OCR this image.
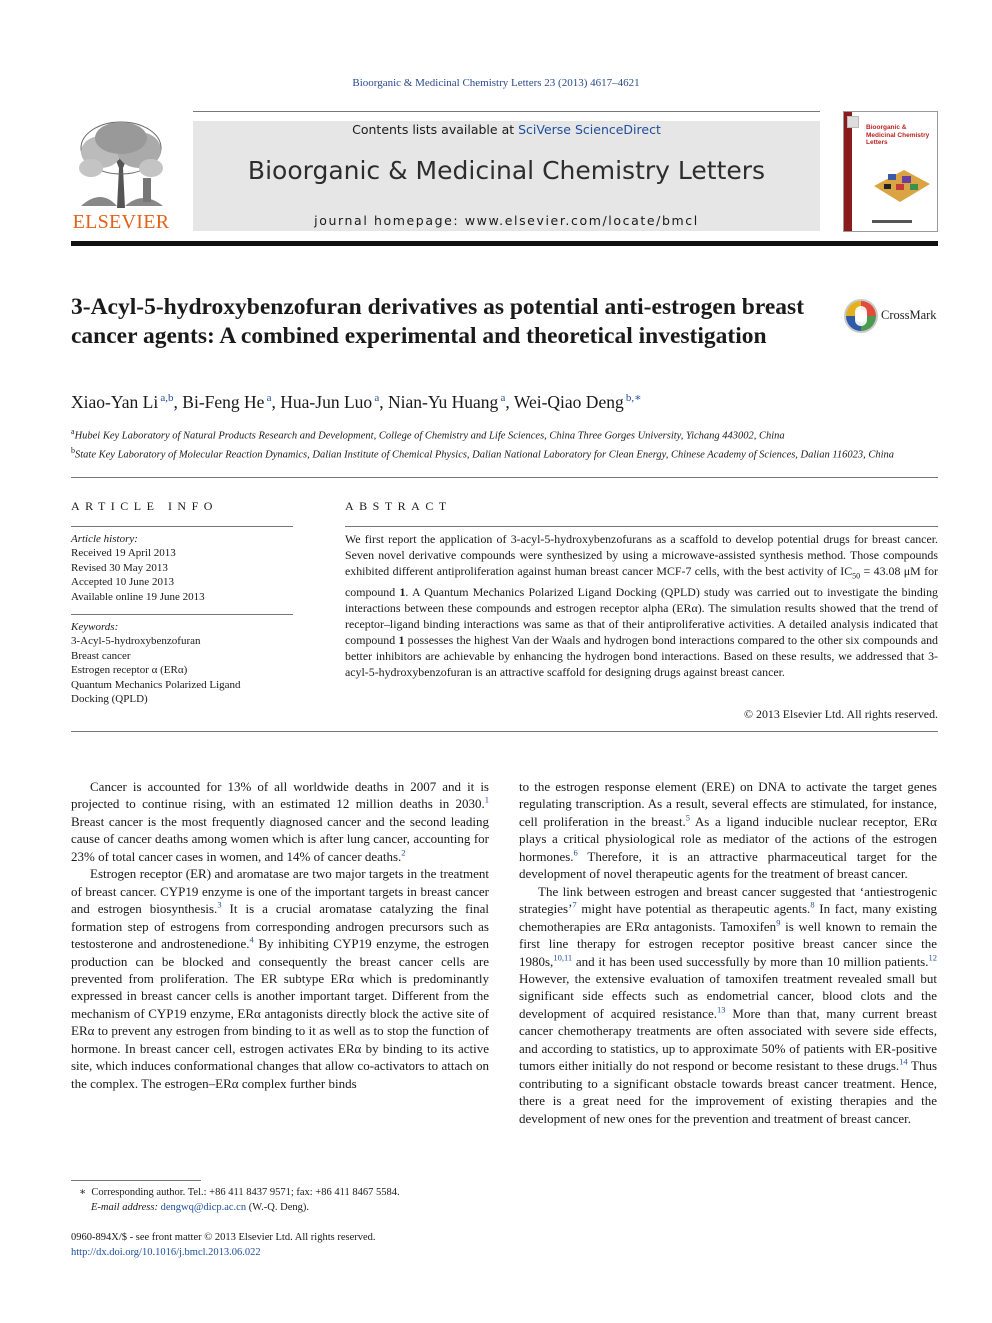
Bioorganic & Medicinal Chemistry Letters 23 (2013) 4617–4621
ELSEVIER
Contents lists available at SciVerse ScienceDirect
Bioorganic & Medicinal Chemistry Letters
journal homepage: www.elsevier.com/locate/bmcl
Bioorganic & Medicinal Chemistry Letters
3-Acyl-5-hydroxybenzofuran derivatives as potential anti-estrogen breast cancer agents: A combined experimental and theoretical investigation
CrossMark
Xiao-Yan Li $^{a,b}$, Bi-Feng He $^a$, Hua-Jun Luo $^a$, Nian-Yu Huang $^a$, Wei-Qiao Deng $^{b,∗}$
$^a$Hubei Key Laboratory of Natural Products Research and Development, College of Chemistry and Life Sciences, China Three Gorges University, Yichang 443002, China
$^b$State Key Laboratory of Molecular Reaction Dynamics, Dalian Institute of Chemical Physics, Dalian National Laboratory for Clean Energy, Chinese Academy of Sciences, Dalian 116023, China
ARTICLE INFO	ABSTRACT
Article history:
Received 19 April 2013
Revised 30 May 2013
Accepted 10 June 2013
Available online 19 June 2013
Keywords:
3-Acyl-5-hydroxybenzofuran
Breast cancer
Estrogen receptor α (ERα)
Quantum Mechanics Polarized Ligand
Docking (QPLD)
We first report the application of 3-acyl-5-hydroxybenzofurans as a scaffold to develop potential drugs for breast cancer. Seven novel derivative compounds were synthesized by using a microwave-assisted synthesis method. Those compounds exhibited different antiproliferation against human breast cancer MCF-7 cells, with the best activity of $IC_{50} = 43.08$ μM for compound 1. A Quantum Mechanics Polarized Ligand Docking (QPLD) study was carried out to investigate the binding interactions between these compounds and estrogen receptor alpha (ERα). The simulation results showed that the trend of receptor–ligand binding interactions was same as that of their antiproliferative activities. A detailed analysis indicated that compound 1 possesses the highest Van der Waals and hydrogen bond interactions compared to the other six compounds and better inhibitors are achievable by enhancing the hydrogen bond interactions. Based on these results, we addressed that 3-acyl-5-hydroxybenzofuran is an attractive scaffold for designing drugs against breast cancer.
© 2013 Elsevier Ltd. All rights reserved.

Cancer is accounted for 13% of all worldwide deaths in 2007 and it is projected to continue rising, with an estimated 12 million deaths in 2030.$^1$ Breast cancer is the most frequently diagnosed cancer and the second leading cause of cancer deaths among women which is after lung cancer, accounting for 23% of total cancer cases in women, and 14% of cancer deaths.$^2$

Estrogen receptor (ER) and aromatase are two major targets in the treatment of breast cancer. CYP19 enzyme is one of the important targets in breast cancer and estrogen biosynthesis.$^3$ It is a crucial aromatase catalyzing the final formation step of estrogens from corresponding androgen precursors such as testosterone and androstenedione.$^4$ By inhibiting CYP19 enzyme, the estrogen production can be blocked and consequently the breast cancer cells are prevented from proliferation. The ER subtype ERα which is predominantly expressed in breast cancer cells is another important target. Different from the mechanism of CYP19 enzyme, ERα antagonists directly block the active site of ERα to prevent any estrogen from binding to it as well as to stop the function of hormone. In breast cancer cell, estrogen activates ERα by binding to its active site, which induces conformational changes that allow co-activators to attach on the complex. The estrogen–ERα complex further binds

to the estrogen response element (ERE) on DNA to activate the target genes regulating transcription. As a result, several effects are stimulated, for instance, cell proliferation in the breast.$^5$ As a ligand inducible nuclear receptor, ERα plays a critical physiological role as mediator of the actions of the estrogen hormones.$^6$ Therefore, it is an attractive pharmaceutical target for the development of novel therapeutic agents for the treatment of breast cancer.

The link between estrogen and breast cancer suggested that ‘antiestrogenic strategies’$^7$ might have potential as therapeutic agents.$^8$ In fact, many existing chemotherapies are ERα antagonists. Tamoxifen$^9$ is well known to remain the first line therapy for estrogen receptor positive breast cancer since the 1980s,$^{10,11}$ and it has been used successfully by more than 10 million patients.$^{12}$ However, the extensive evaluation of tamoxifen treatment revealed small but significant side effects such as endometrial cancer, blood clots and the development of acquired resistance.$^{13}$ More than that, many current breast cancer chemotherapy treatments are often associated with severe side effects, and according to statistics, up to approximate 50% of patients with ER-positive tumors either initially do not respond or become resistant to these drugs.$^{14}$ Thus contributing to a significant obstacle towards breast cancer treatment. Hence, there is a great need for the improvement of existing therapies and the development of new ones for the prevention and treatment of breast cancer.

∗ Corresponding author. Tel.: +86 411 8437 9571; fax: +86 411 8467 5584.
E-mail address: dengwq@dicp.ac.cn (W.-Q. Deng).
0960-894X/$ - see front matter © 2013 Elsevier Ltd. All rights reserved.
http://dx.doi.org/10.1016/j.bmcl.2013.06.022
